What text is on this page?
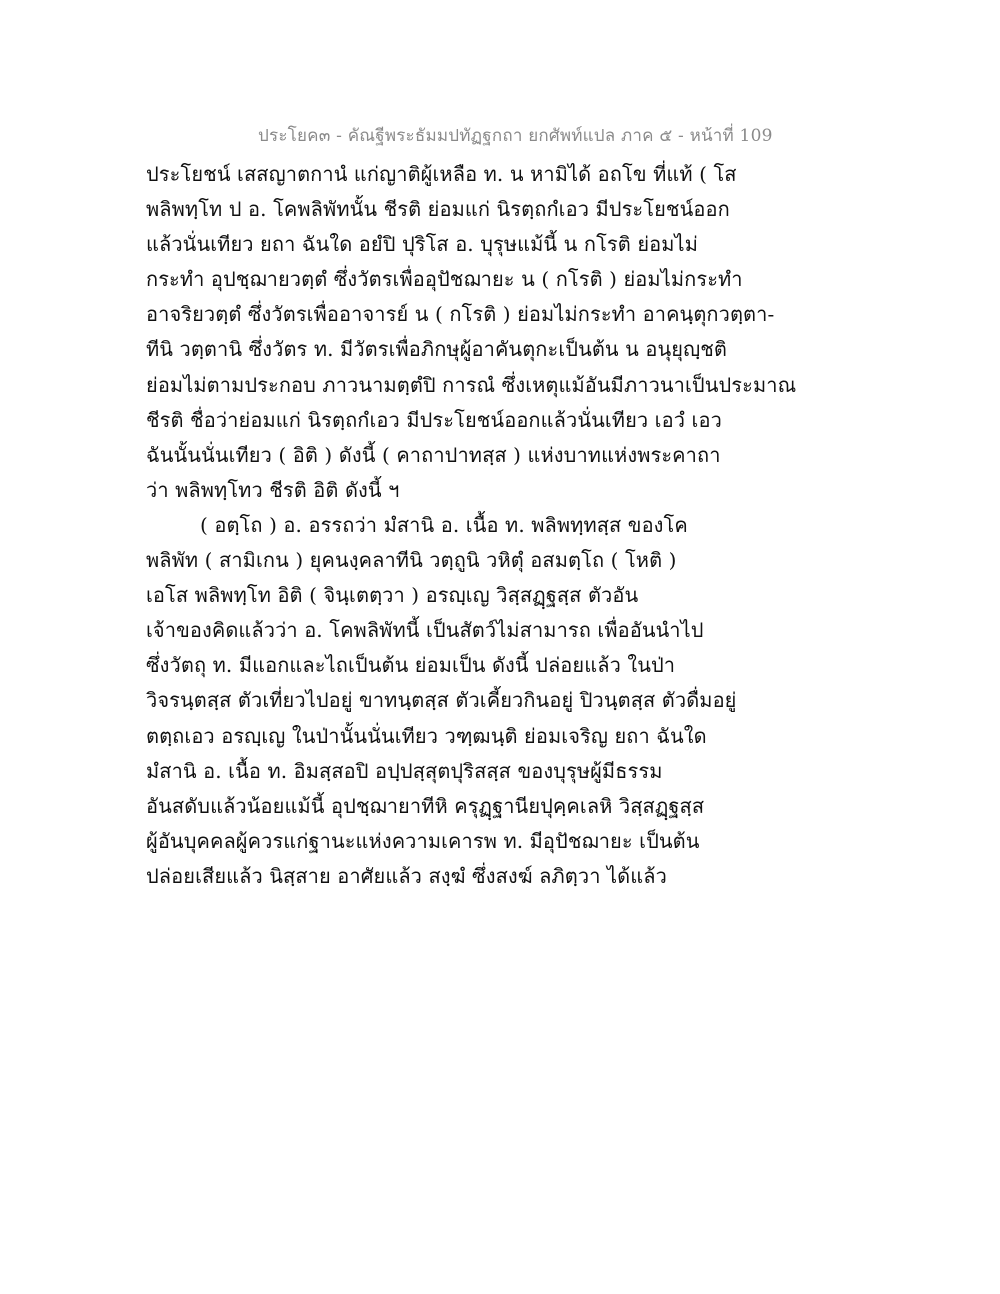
ประโยค๓ - คัณฐีพระธัมมปทัฏฐกถา ยกศัพท์แปล ภาค ๕ - หน้าที่ 109
ประโยชน์ เสสญาตกานํ แก่ญาติผู้เหลือ ท. น หามิได้ อถโข ที่แท้ ( โส
พลิพทฺโท ป อ. โคพลิพัทนั้น ชีรติ ย่อมแก่ นิรตฺถกํเอว มีประโยชน์ออก
แล้วนั่นเทียว ยถา ฉันใด อยํปิ ปุริโส อ. บุรุษแม้นี้ น กโรติ ย่อมไม่
กระทำ อุปชฺฌายวตฺตํ ซึ่งวัตรเพื่ออุปัชฌายะ น ( กโรติ ) ย่อมไม่กระทำ
อาจริยวตฺตํ ซึ่งวัตรเพื่ออาจารย์ น ( กโรติ ) ย่อมไม่กระทำ อาคนฺตุกวตฺตา-
ทีนิ วตฺตานิ ซึ่งวัตร ท. มีวัตรเพื่อภิกษุผู้อาคันตุกะเป็นต้น น อนุยุญฺชติ
ย่อมไม่ตามประกอบ ภาวนามตฺตํปิ การณํ ซึ่งเหตุแม้อันมีภาวนาเป็นประมาณ
ชีรติ ชื่อว่าย่อมแก่ นิรตฺถกํเอว มีประโยชน์ออกแล้วนั่นเทียว เอวํ เอว
ฉันนั้นนั่นเทียว ( อิติ ) ดังนี้ ( คาถาปาทสฺส ) แห่งบาทแห่งพระคาถา
ว่า พลิพทฺโทว ชีรติ อิติ ดังนี้ ฯ
( อตฺโถ ) อ. อรรถว่า มํสานิ อ. เนื้อ ท. พลิพทฺทสฺส ของโค
พลิพัท ( สามิเกน ) ยุคนงฺคลาทีนิ วตฺถูนิ วหิตุํ อสมตฺโถ ( โหติ )
เอโส พลิพทฺโท อิติ ( จินฺเตตฺวา ) อรญฺเญ วิสฺสฏฺฐสฺส ตัวอัน
เจ้าของคิดแล้วว่า อ. โคพลิพัทนี้ เป็นสัตว์ไม่สามารถ เพื่ออันนำไป
ซึ่งวัตถุ ท. มีแอกและไถเป็นต้น ย่อมเป็น ดังนี้ ปล่อยแล้ว ในป่า
วิจรนฺตสฺส ตัวเที่ยวไปอยู่ ขาทนฺตสฺส ตัวเคี้ยวกินอยู่ ปิวนฺตสฺส ตัวดื่มอยู่
ตตฺถเอว อรญฺเญ ในป่านั้นนั่นเทียว วฑฺฒนฺติ ย่อมเจริญ ยถา ฉันใด
มํสานิ อ. เนื้อ ท. อิมสฺสอปิ อปฺปสฺสุตปุริสสฺส ของบุรุษผู้มีธรรม
อันสดับแล้วน้อยแม้นี้ อุปชฺฌายาทีหิ ครุฏฺฐานียปุคฺคเลหิ วิสฺสฏฺฐสฺส
ผู้อันบุคคลผู้ควรแก่ฐานะแห่งความเคารพ ท. มีอุปัชฌายะ เป็นต้น
ปล่อยเสียแล้ว นิสฺสาย อาศัยแล้ว สงฺฆํ ซึ่งสงฆ์ ลภิตฺวา ได้แล้ว
